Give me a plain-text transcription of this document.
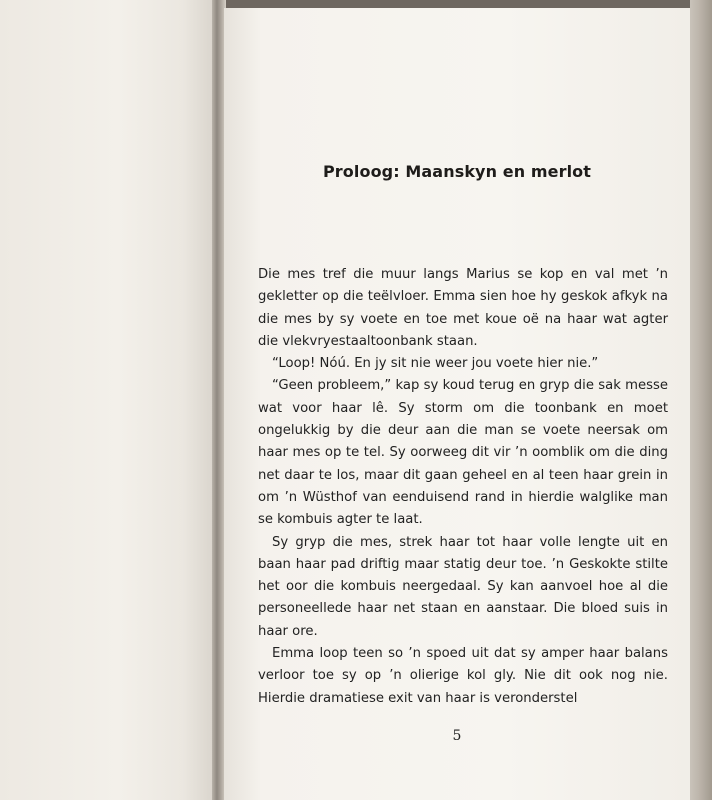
Proloog: Maanskyn en merlot

Die mes tref die muur langs Marius se kop en val met ’n gekletter op die teëlvloer. Emma sien hoe hy geskok afkyk na die mes by sy voete en toe met koue oë na haar wat agter die vlekvryestaaltoonbank staan.

“Loop! Nóú. En jy sit nie weer jou voete hier nie.”

“Geen probleem,” kap sy koud terug en gryp die sak messe wat voor haar lê. Sy storm om die toonbank en moet ongelukkig by die deur aan die man se voete neersak om haar mes op te tel. Sy oorweeg dit vir ’n oomblik om die ding net daar te los, maar dit gaan geheel en al teen haar grein in om ’n Wüsthof van eenduisend rand in hierdie walglike man se kombuis agter te laat.

Sy gryp die mes, strek haar tot haar volle lengte uit en baan haar pad driftig maar statig deur toe. ’n Geskokte stilte het oor die kombuis neergedaal. Sy kan aanvoel hoe al die personeellede haar net staan en aanstaar. Die bloed suis in haar ore.

Emma loop teen so ’n spoed uit dat sy amper haar balans verloor toe sy op ’n olierige kol gly. Nie dit ook nog nie. Hierdie dramatiese exit van haar is veronderstel

5
